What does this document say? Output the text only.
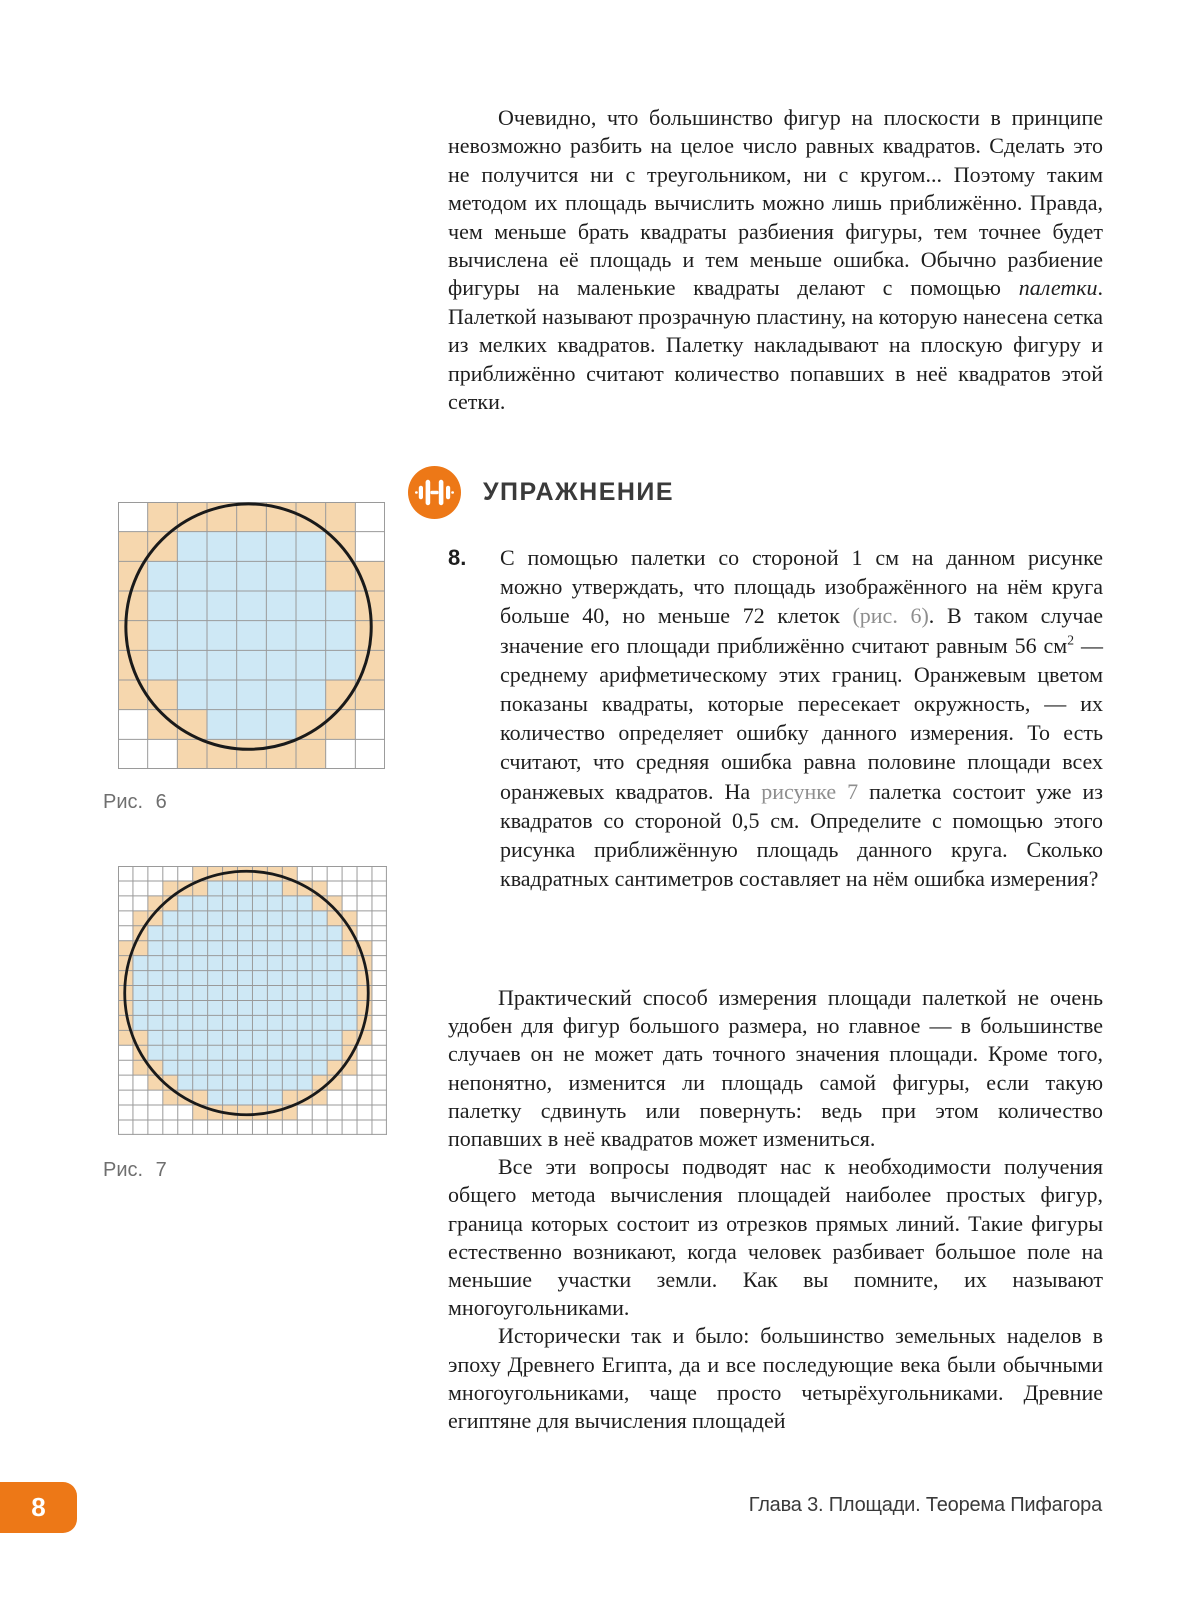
Очевидно, что большинство фигур на плоскости в принципе невозможно разбить на целое число равных квадратов. Сделать это не получится ни с треугольником, ни с кругом... Поэтому таким методом их площадь вычислить можно лишь приближённо. Правда, чем меньше брать квадраты разбиения фигуры, тем точнее будет вычислена её площадь и тем меньше ошибка. Обычно разбиение фигуры на маленькие квадраты делают с помощью палетки. Палеткой называют прозрачную пластину, на которую нанесена сетка из мелких квадратов. Палетку накладывают на плоскую фигуру и приближённо считают количество попавших в неё квадратов этой сетки.
УПРАЖНЕНИЕ
8.	С помощью палетки со стороной 1 см на данном рисунке можно утверждать, что площадь изображённого на нём круга больше 40, но меньше 72 клеток (рис. 6). В таком случае значение его площади приближённо считают равным 56 $см^2$ — среднему арифметическому этих границ. Оранжевым цветом показаны квадраты, которые пересекает окружность, — их количество определяет ошибку данного измерения. То есть считают, что средняя ошибка равна половине площади всех оранжевых квадратов. На рисунке 7 палетка состоит уже из квадратов со стороной 0,5 см. Определите с помощью этого рисунка приближённую площадь данного круга. Сколько квадратных сантиметров составляет на нём ошибка измерения?
Рис. 6
Рис. 7

Практический способ измерения площади палеткой не очень удобен для фигур большого размера, но главное — в большинстве случаев он не может дать точного значения площади. Кроме того, непонятно, изменится ли площадь самой фигуры, если такую палетку сдвинуть или повернуть: ведь при этом количество попавших в неё квадратов может измениться.

Все эти вопросы подводят нас к необходимости получения общего метода вычисления площадей наиболее простых фигур, граница которых состоит из отрезков прямых линий. Такие фигуры естественно возникают, когда человек разбивает большое поле на меньшие участки земли. Как вы помните, их называют многоугольниками.

Исторически так и было: большинство земельных наделов в эпоху Древнего Египта, да и все последующие века были обычными многоугольниками, чаще просто четырёхугольниками. Древние египтяне для вычисления площадей

8	Глава 3. Площади. Теорема Пифагора
